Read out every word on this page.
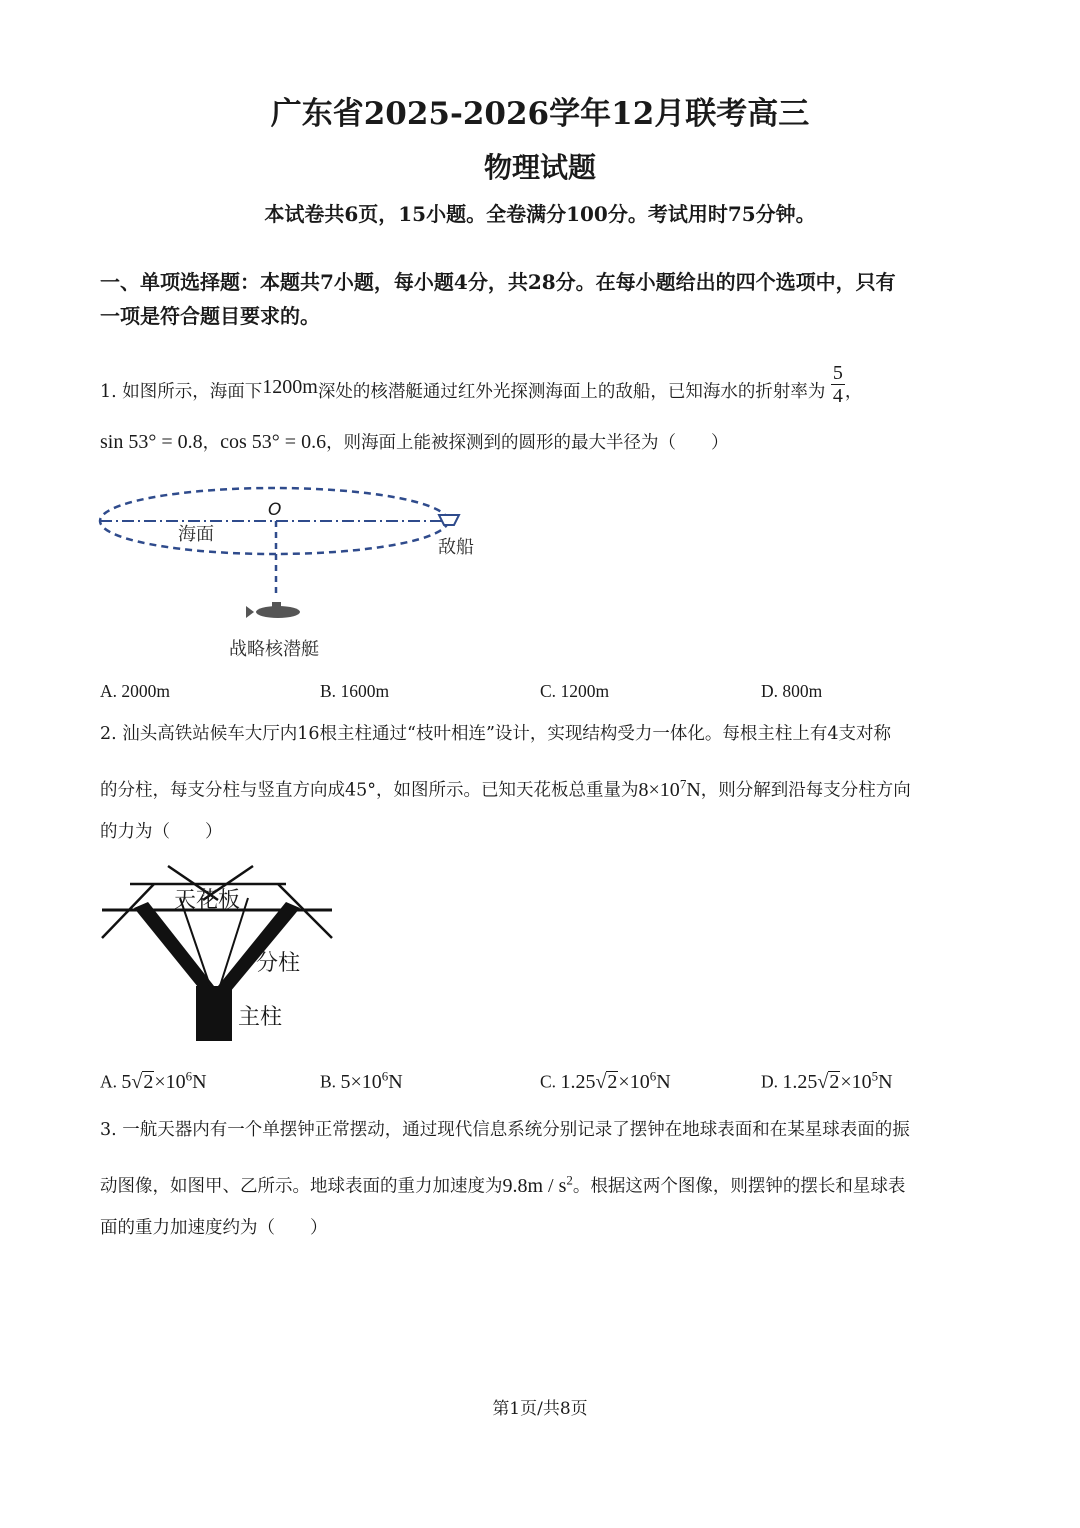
广东省2025-2026学年12月联考高三
物理试题
本试卷共6页，15小题。全卷满分100分。考试用时75分钟。
一、单项选择题：本题共7小题，每小题4分，共28分。在每小题给出的四个选项中，只有
一项是符合题目要求的。
1. 如图所示，海面下1200m深处的核潜艇通过红外光探测海面上的敌船，已知海水的折射率为 $\frac{5}{4}$ ，
sin 53° = 0.8，cos 53° = 0.6，则海面上能被探测到的圆形的最大半径为（　　）
O
海面
敌船
战略核潜艇
A. 2000m	B. 1600m	C. 1200m	D. 800m
2. 汕头高铁站候车大厅内16根主柱通过“枝叶相连”设计，实现结构受力一体化。每根主柱上有4支对称
的分柱，每支分柱与竖直方向成45°，如图所示。已知天花板总重量为$8\times 10^7N$，则分解到沿每支分柱方向
的力为（　　）
天花板
分柱
主柱
A. $5√2\times 10^6N$	B. $5\times 10^6N$	C. $1.25√2\times 10^6N$	D. $1.25√2\times 10^5N$
3. 一航天器内有一个单摆钟正常摆动，通过现代信息系统分别记录了摆钟在地球表面和在某星球表面的振
动图像，如图甲、乙所示。地球表面的重力加速度为$9.8m / s^2$。根据这两个图像，则摆钟的摆长和星球表
面的重力加速度约为（　　）
第1页/共8页
